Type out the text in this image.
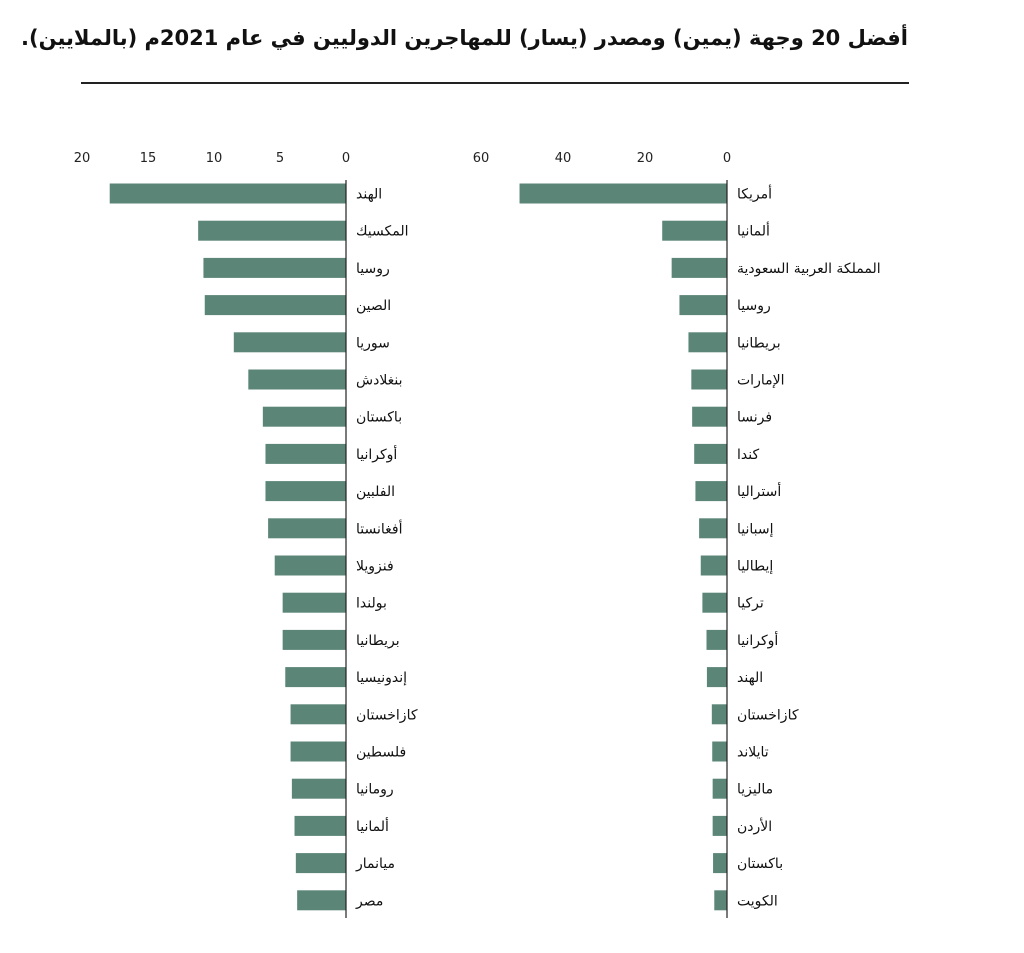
أفضل 20 وجهة (يمين) ومصدر (يسار) للمهاجرين الدوليين في عام 2021م (بالملايين).
0
5
10
15
20
الهند
المكسيك
روسيا
الصين
سوريا
بنغلادش
باكستان
أوكرانيا
الفلبين
أفغانستا
فنزويلا
بولندا
بريطانيا
إندونيسيا
كازاخستان
فلسطين
رومانيا
ألمانيا
ميانمار
مصر
0
20
40
60
أمريكا
ألمانيا
المملكة العربية السعودية
روسيا
بريطانيا
الإمارات
فرنسا
كندا
أستراليا
إسبانيا
إيطاليا
تركيا
أوكرانيا
الهند
كازاخستان
تايلاند
ماليزيا
الأردن
باكستان
الكويت
